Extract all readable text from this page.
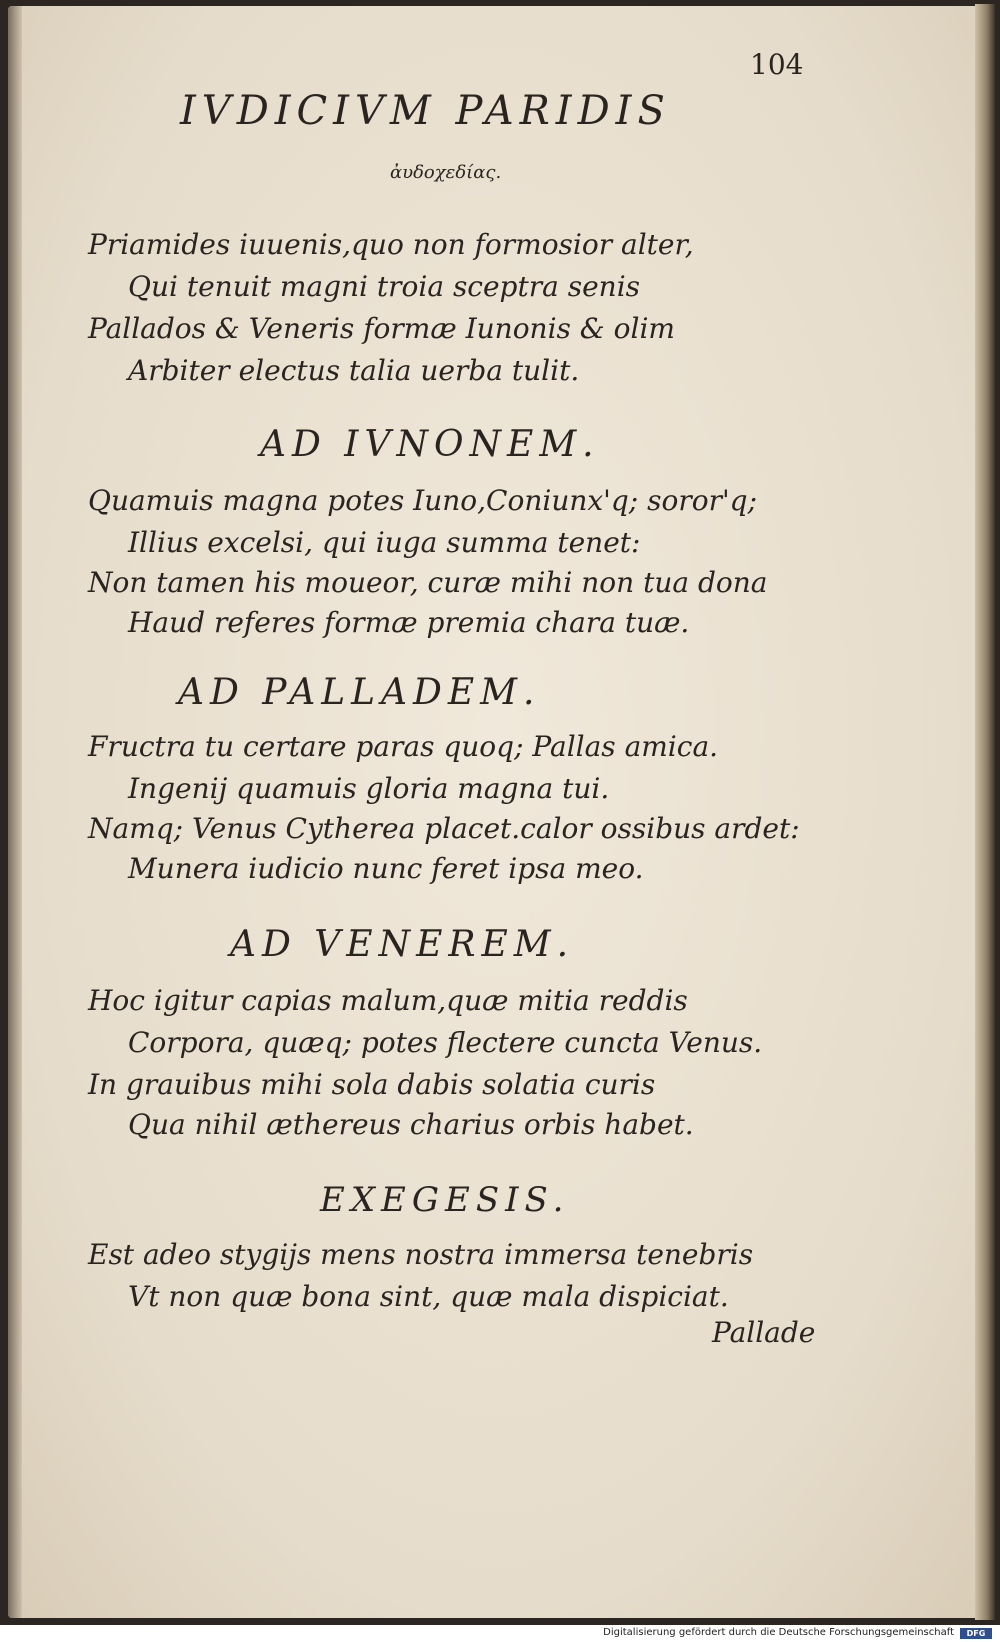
104
IVDICIVM PARIDIS
ἀυδοχεδίας.
Priamides iuuenis,quo non formosior alter,
Qui tenuit magni troia sceptra senis
Pallados & Veneris formæ Iunonis & olim
Arbiter electus talia uerba tulit.
AD IVNONEM.
Quamuis magna potes Iuno,Coniunx'q; soror'q;
Illius excelsi, qui iuga summa tenet:
Non tamen his moueor, curæ mihi non tua dona
Haud referes formæ premia chara tuæ.
AD PALLADEM.
Fructra tu certare paras quoq; Pallas amica.
Ingenij quamuis gloria magna tui.
Namq; Venus Cytherea placet.calor ossibus ardet:
Munera iudicio nunc feret ipsa meo.
AD VENEREM.
Hoc igitur capias malum,quæ mitia reddis
Corpora, quæq; potes flectere cuncta Venus.
In grauibus mihi sola dabis solatia curis
Qua nihil æthereus charius orbis habet.
EXEGESIS.
Est adeo stygijs mens nostra immersa tenebris
Vt non quæ bona sint, quæ mala dispiciat.
Pallade
Digitalisierung gefördert durch die Deutsche Forschungsgemeinschaft	DFG
